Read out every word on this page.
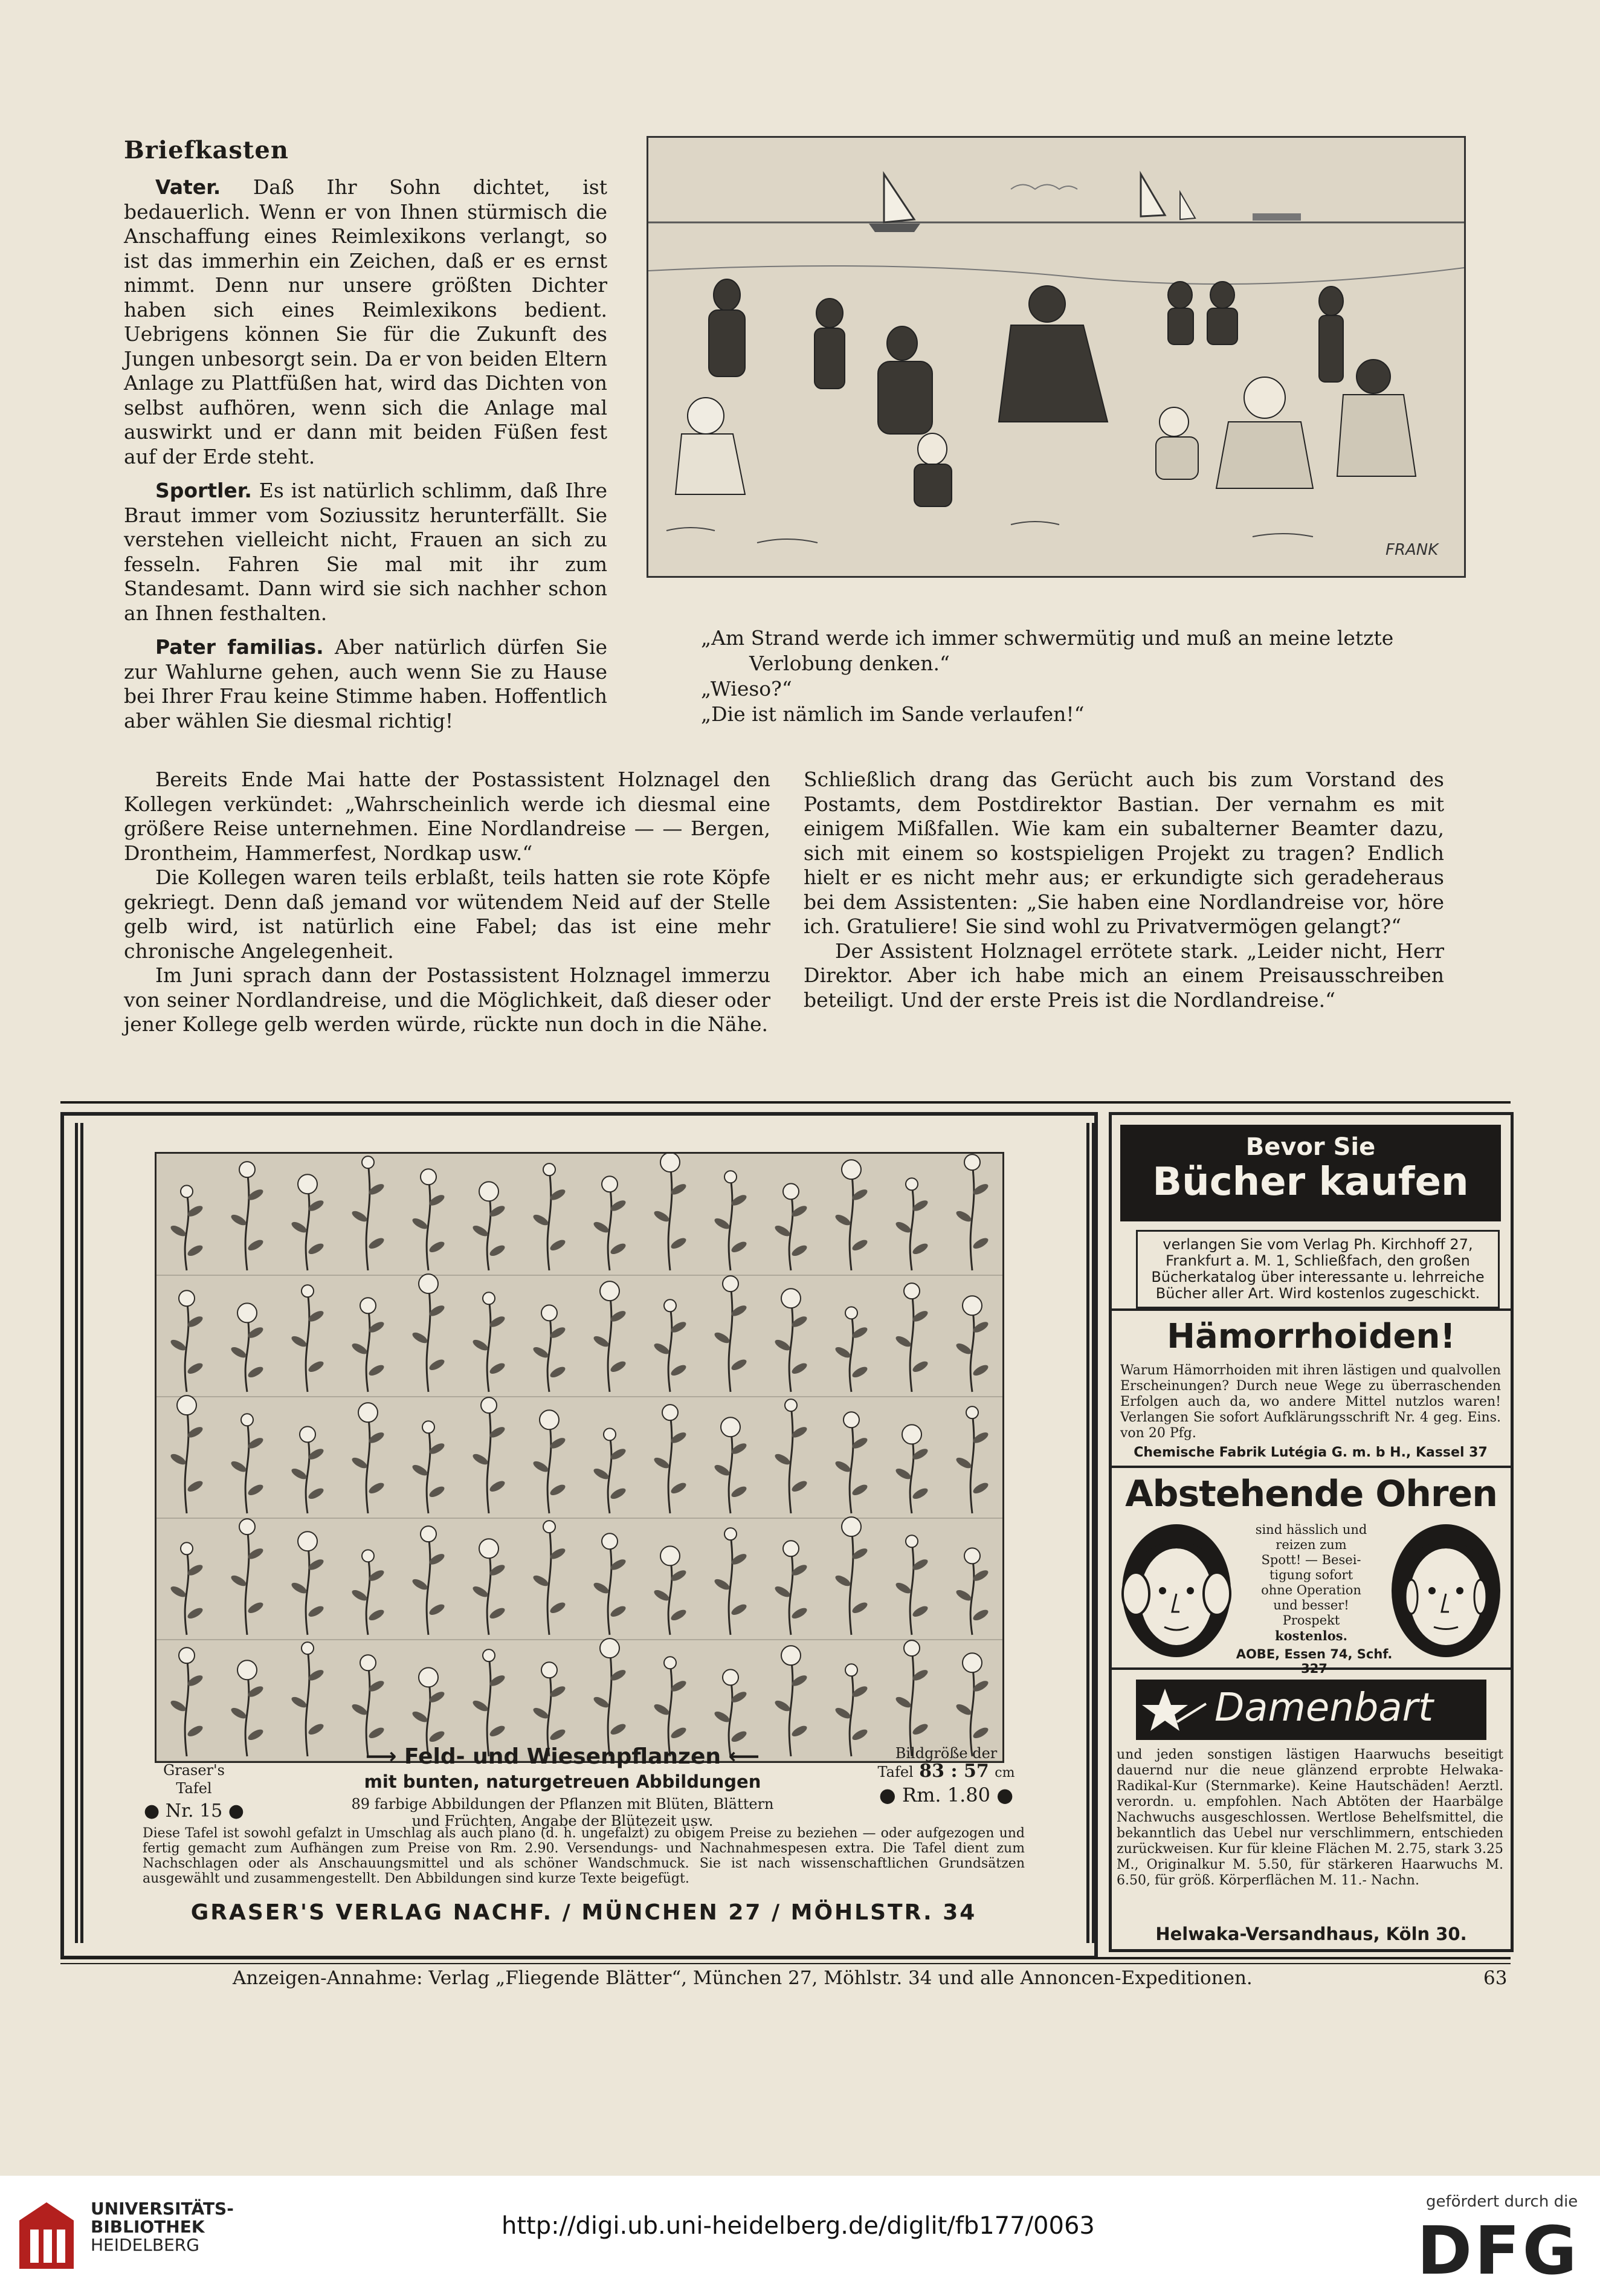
Briefkasten

Vater. Daß Ihr Sohn dichtet, ist bedauerlich. Wenn er von Ihnen stürmisch die Anschaffung eines Reimlexikons verlangt, so ist das immerhin ein Zeichen, daß er es ernst nimmt. Denn nur unsere größten Dichter haben sich eines Reimlexikons bedient. Uebrigens können Sie für die Zukunft des Jungen unbesorgt sein. Da er von beiden Eltern Anlage zu Plattfüßen hat, wird das Dichten von selbst aufhören, wenn sich die Anlage mal auswirkt und er dann mit beiden Füßen fest auf der Erde steht.

Sportler. Es ist natürlich schlimm, daß Ihre Braut immer vom Soziussitz herunterfällt. Sie verstehen vielleicht nicht, Frauen an sich zu fesseln. Fahren Sie mal mit ihr zum Standesamt. Dann wird sie sich nachher schon an Ihnen festhalten.

Pater familias. Aber natürlich dürfen Sie zur Wahlurne gehen, auch wenn Sie zu Hause bei Ihrer Frau keine Stimme haben. Hoffentlich aber wählen Sie diesmal richtig!

FRANK
„Am Strand werde ich immer schwermütig und muß an meine letzte
Verlobung denken.“
„Wieso?“
„Die ist nämlich im Sande verlaufen!“

Bereits Ende Mai hatte der Postassistent Holznagel den Kollegen verkündet: „Wahrscheinlich werde ich diesmal eine größere Reise unternehmen. Eine Nordlandreise — — Bergen, Drontheim, Hammerfest, Nordkap usw.“

Die Kollegen waren teils erblaßt, teils hatten sie rote Köpfe gekriegt. Denn daß jemand vor wütendem Neid auf der Stelle gelb wird, ist natürlich eine Fabel; das ist eine mehr chronische Angelegenheit.

Im Juni sprach dann der Postassistent Holznagel immerzu von seiner Nordlandreise, und die Möglichkeit, daß dieser oder jener Kollege gelb werden würde, rückte nun doch in die Nähe.

Schließlich drang das Gerücht auch bis zum Vorstand des Postamts, dem Postdirektor Bastian. Der vernahm es mit einigem Mißfallen. Wie kam ein subalterner Beamter dazu, sich mit einem so kostspieligen Projekt zu tragen? Endlich hielt er es nicht mehr aus; er erkundigte sich geradeheraus bei dem Assistenten: „Sie haben eine Nordlandreise vor, höre ich. Gratuliere! Sie sind wohl zu Privatvermögen gelangt?“

Der Assistent Holznagel errötete stark. „Leider nicht, Herr Direktor. Aber ich habe mich an einem Preisausschreiben beteiligt. Und der erste Preis ist die Nordlandreise.“

Graser's
Tafel
● Nr. 15 ●
⟶ Feld- und Wiesenpflanzen ⟵
mit bunten, naturgetreuen Abbildungen
89 farbige Abbildungen der Pflanzen mit Blüten, Blättern und Früchten, Angabe der Blütezeit usw.
Bildgröße der
Tafel 83 : 57 cm
● Rm. 1.80 ●
Diese Tafel ist sowohl gefalzt in Umschlag als auch plano (d. h. ungefalzt) zu obigem Preise zu beziehen — oder aufgezogen und fertig gemacht zum Aufhängen zum Preise von Rm. 2.90. Versendungs- und Nachnahmespesen extra. Die Tafel dient zum Nachschlagen oder als Anschauungsmittel und als schöner Wandschmuck. Sie ist nach wissenschaftlichen Grundsätzen ausgewählt und zusammengestellt. Den Abbildungen sind kurze Texte beigefügt.
GRASER'S VERLAG NACHF. / MÜNCHEN 27 / MÖHLSTR. 34
Bevor Sie
Bücher kaufen
verlangen Sie vom Verlag Ph. Kirchhoff 27, Frankfurt a. M. 1, Schließfach, den großen Bücherkatalog über interessante u. lehrreiche Bücher aller Art. Wird kostenlos zugeschickt.
Hämorrhoiden!
Warum Hämorrhoiden mit ihren lästigen und qualvollen Erscheinungen? Durch neue Wege zu überraschenden Erfolgen auch da, wo andere Mittel nutzlos waren! Verlangen Sie sofort Aufklärungsschrift Nr. 4 geg. Eins. von 20 Pfg.
Chemische Fabrik Lutégia G. m. b H., Kassel 37
Abstehende Ohren
sind hässlich und
reizen zum
Spott! — Besei-
tigung sofort
ohne Operation
und besser!
Prospekt
kostenlos.
AOBE, Essen 74, Schf. 327
Damenbart
und jeden sonstigen lästigen Haarwuchs beseitigt dauernd nur die neue glänzend erprobte Helwaka-Radikal-Kur (Sternmarke). Keine Hautschäden! Aerztl. verordn. u. empfohlen. Nach Abtöten der Haarbälge Nachwuchs ausgeschlossen. Wertlose Behelfsmittel, die bekanntlich das Uebel nur verschlimmern, entschieden zurückweisen. Kur für kleine Flächen M. 2.75, stark 3.25 M., Originalkur M. 5.50, für stärkeren Haarwuchs M. 6.50, für größ. Körperflächen M. 11.- Nachn.
Helwaka-Versandhaus, Köln 30.
Anzeigen-Annahme: Verlag „Fliegende Blätter“, München 27, Möhlstr. 34 und alle Annoncen-Expeditionen.	63
UNIVERSITÄTS-
BIBLIOTHEK
HEIDELBERG
http://digi.ub.uni-heidelberg.de/diglit/fb177/0063
gefördert durch die
DFG
